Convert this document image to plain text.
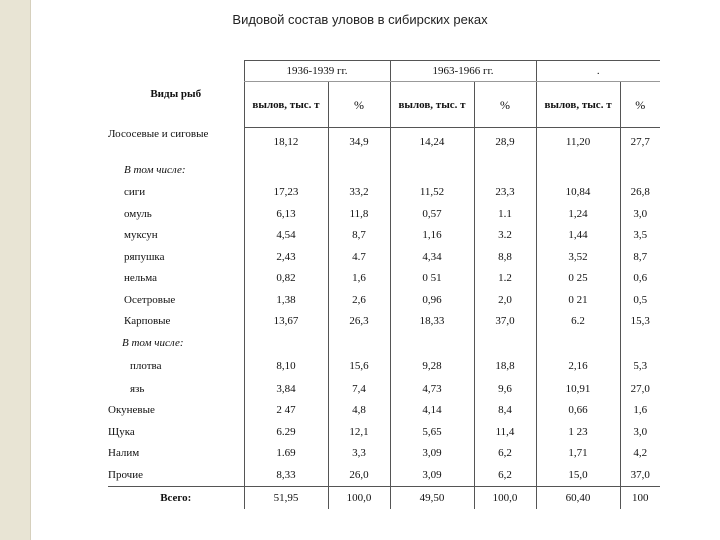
Видовой состав уловов в сибирских реках
Виды рыб	1936-1939 гг.		1963-1966 гг.		.	
	вылов, тыс. т	%	вылов, тыс. т	%	вылов, тыс. т	%
Лососевые и сиговые	18,12	34,9	14,24	28,9	11,20	27,7
В том числе:						
сиги	17,23	33,2	11,52	23,3	10,84	26,8
омуль	6,13	11,8	0,57	1.1	1,24	3,0
муксун	4,54	8,7	1,16	3.2	1,44	3,5
ряпушка	2,43	4.7	4,34	8,8	3,52	8,7
нельма	0,82	1,6	0 51	1.2	0 25	0,6
Осетровые	1,38	2,6	0,96	2,0	0 21	0,5
Карповые	13,67	26,3	18,33	37,0	6.2	15,3
В том числе:						
плотва	8,10	15,6	9,28	18,8	2,16	5,3
язь	3,84	7,4	4,73	9,6	10,91	27,0
Окуневые	2 47	4,8	4,14	8,4	0,66	1,6
Щука	6.29	12,1	5,65	11,4	1 23	3,0
Налим	1.69	3,3	3,09	6,2	1,71	4,2
Прочие	8,33	26,0	3,09	6,2	15,0	37,0
Всего:	51,95	100,0	49,50	100,0	60,40	100
